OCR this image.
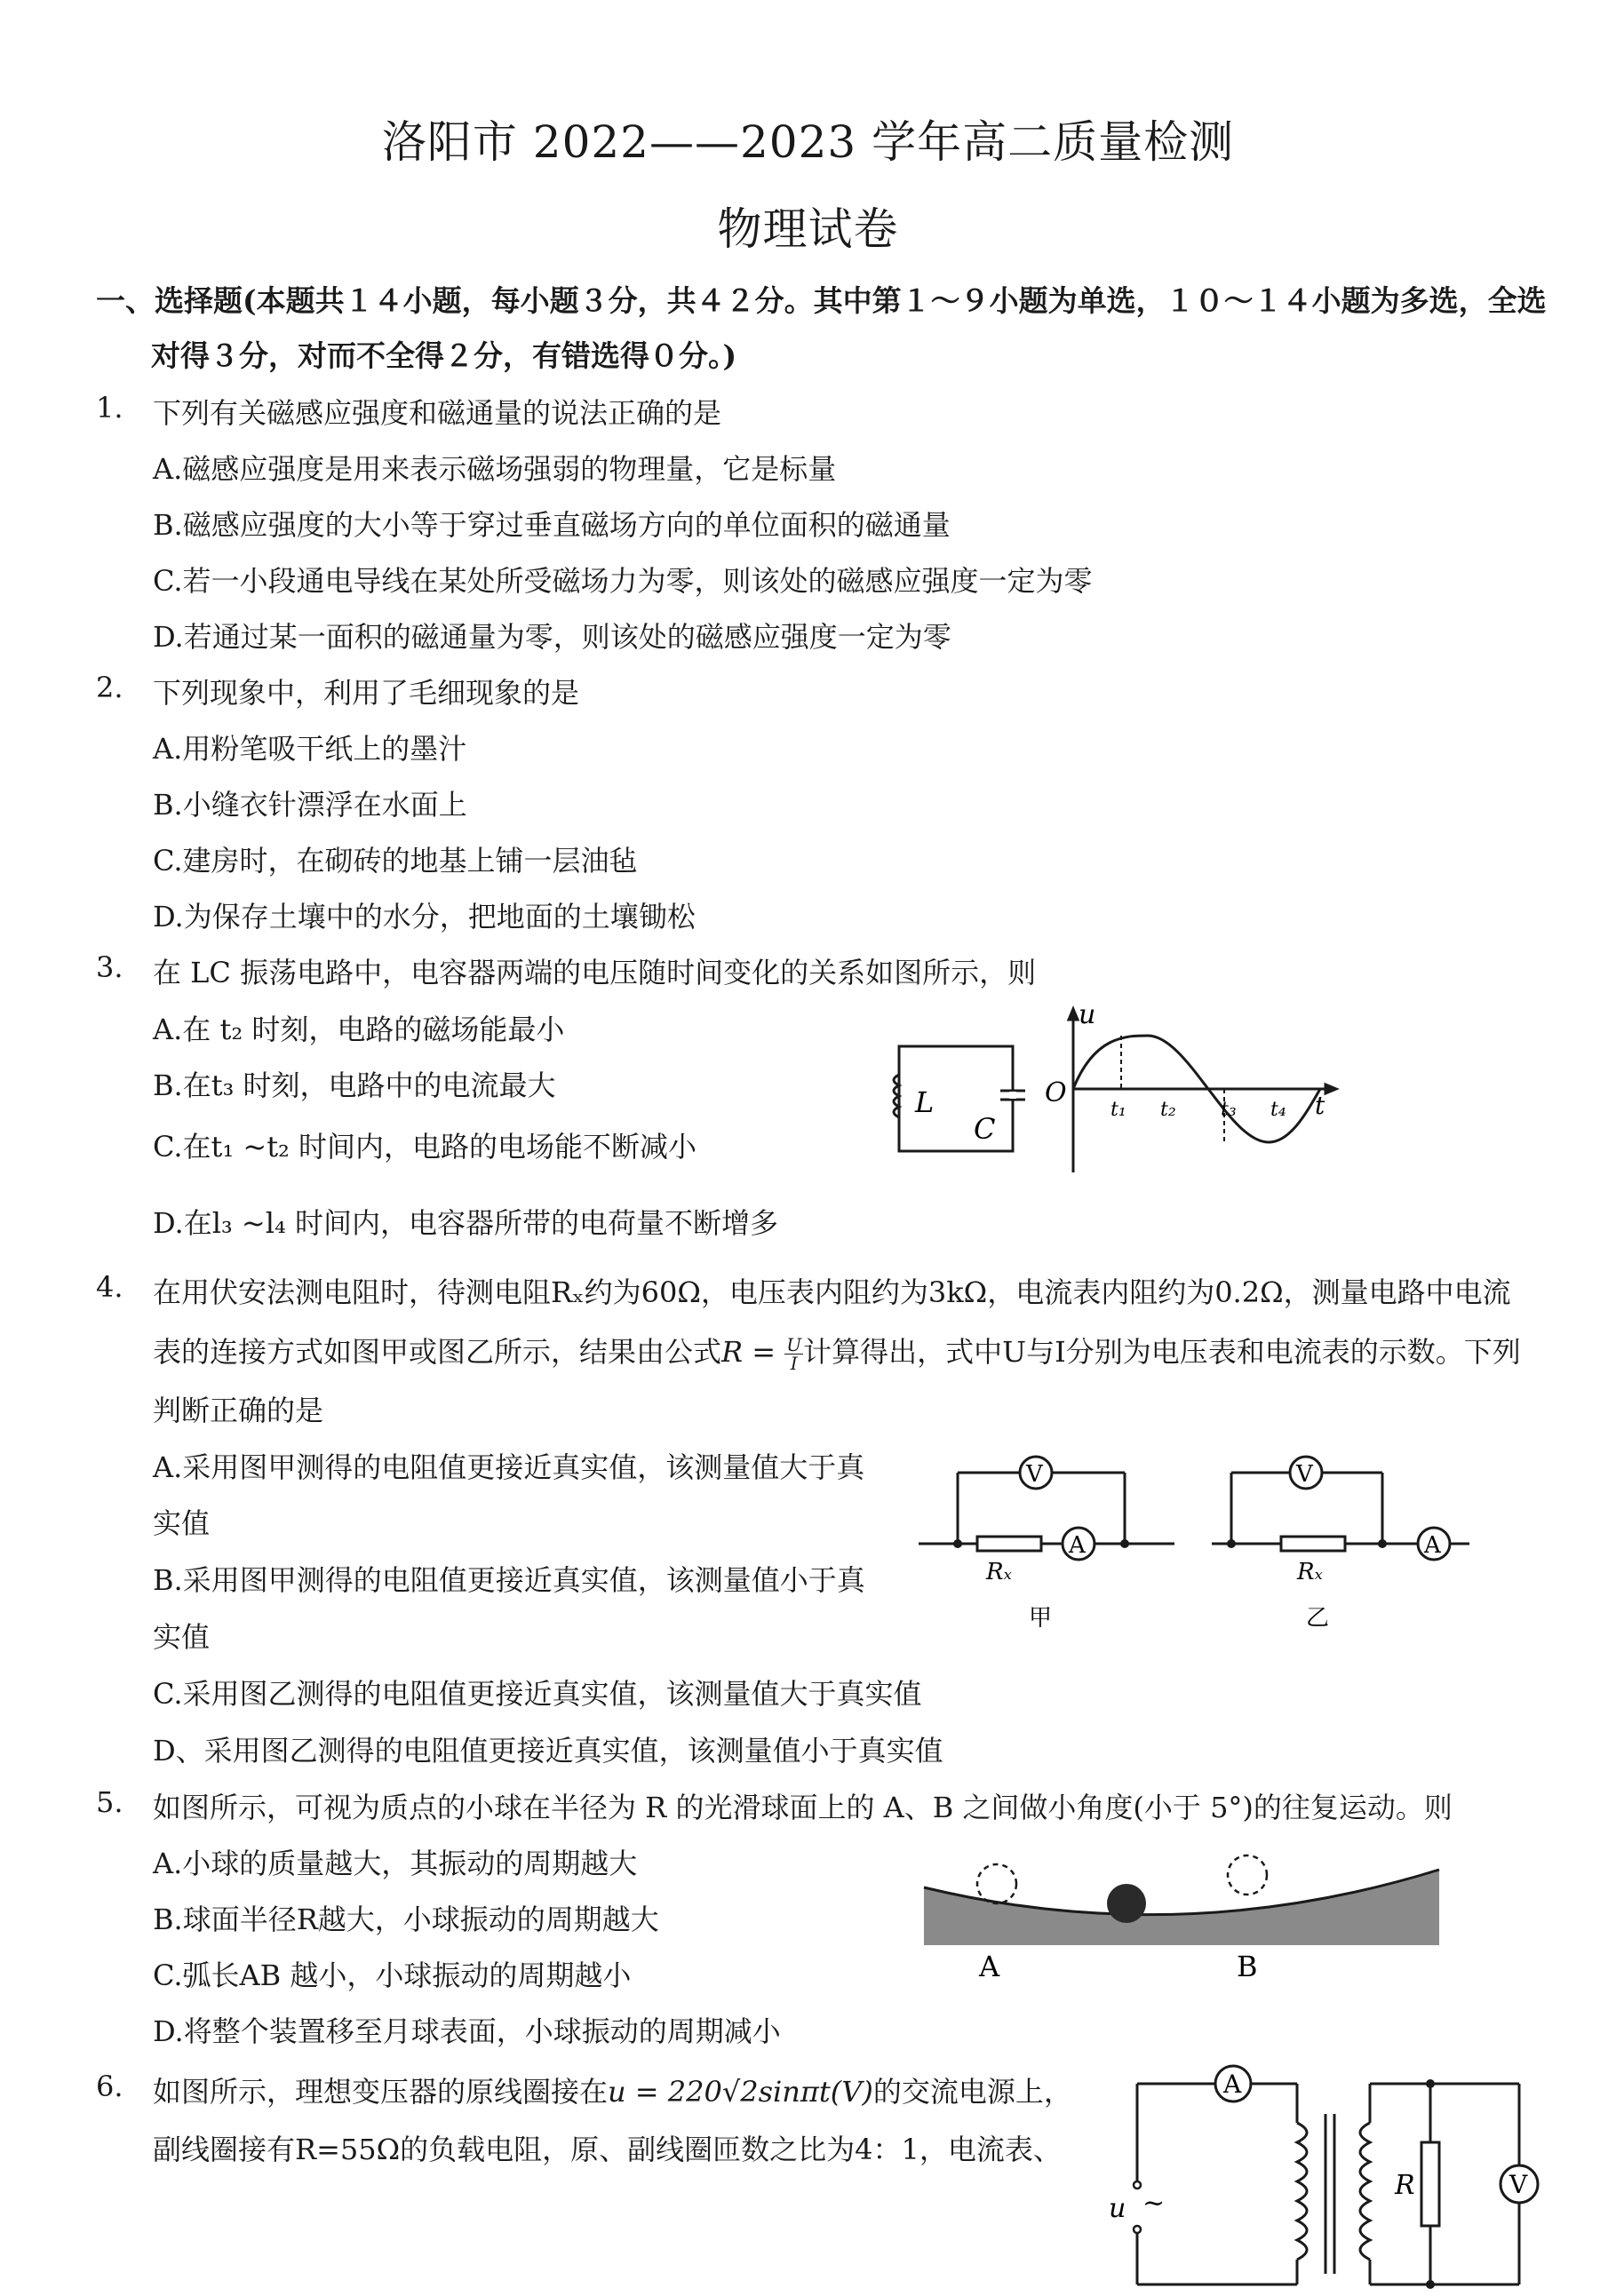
洛阳市 2022——2023 学年高二质量检测
物理试卷
一、选择题(本题共１４小题，每小题３分，共４２分。其中第１～９小题为单选，１０～１４小题为多选，全选
对得３分，对而不全得２分，有错选得０分。)
1. 下列有关磁感应强度和磁通量的说法正确的是
A.磁感应强度是用来表示磁场强弱的物理量，它是标量
B.磁感应强度的大小等于穿过垂直磁场方向的单位面积的磁通量
C.若一小段通电导线在某处所受磁场力为零，则该处的磁感应强度一定为零
D.若通过某一面积的磁通量为零，则该处的磁感应强度一定为零
2. 下列现象中，利用了毛细现象的是
A.用粉笔吸干纸上的墨汁
B.小缝衣针漂浮在水面上
C.建房时，在砌砖的地基上铺一层油毡
D.为保存土壤中的水分，把地面的土壤锄松
3. 在 LC 振荡电路中，电容器两端的电压随时间变化的关系如图所示，则
A.在 t₂ 时刻，电路的磁场能最小
B.在t₃ 时刻，电路中的电流最大
C.在t₁ ~t₂ 时间内，电路的电场能不断减小
D.在l₃ ~l₄ 时间内，电容器所带的电荷量不断增多
L
C
u
O	t
t₁ t₂ t₃ t₄
4. 在用伏安法测电阻时，待测电阻Rₓ约为60Ω，电压表内阻约为3kΩ，电流表内阻约为0.2Ω，测量电路中电流
表的连接方式如图甲或图乙所示，结果由公式$R = \frac{U}{I}$ 计算得出，式中U与I分别为电压表和电流表的示数。下列
判断正确的是
A.采用图甲测得的电阻值更接近真实值，该测量值大于真
实值
B.采用图甲测得的电阻值更接近真实值，该测量值小于真
实值
C.采用图乙测得的电阻值更接近真实值，该测量值大于真实值
D、采用图乙测得的电阻值更接近真实值，该测量值小于真实值
V
A
Rₓ
甲
V
A
Rₓ
乙
5. 如图所示，可视为质点的小球在半径为 R 的光滑球面上的 A、B 之间做小角度(小于 5°)的往复运动。则
A.小球的质量越大，其振动的周期越大
B.球面半径R越大，小球振动的周期越大
C.弧长AB 越小，小球振动的周期越小
D.将整个装置移至月球表面，小球振动的周期减小
A	B
6. 如图所示，理想变压器的原线圈接在u = 220√2sinπt(V)的交流电源上，
副线圈接有R=55Ω的负载电阻，原、副线圈匝数之比为4：1，电流表、
A
V
R
u ~
